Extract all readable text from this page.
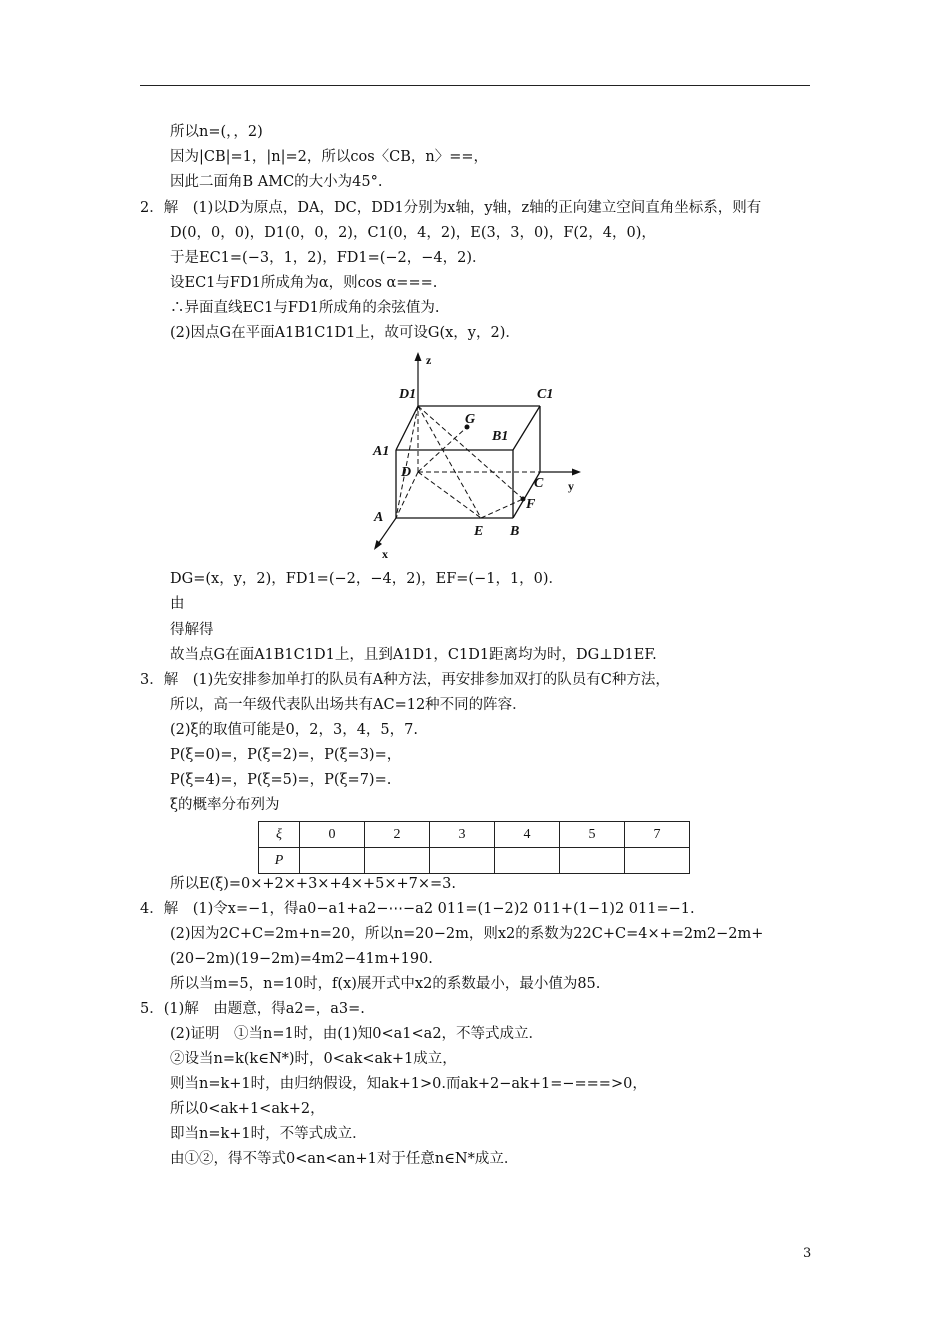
所以n=(，，2)
因为|CB|=1，|n|=2，所以cos〈CB，n〉==，
因此二面角B AMC的大小为45°.
2．解　(1)以D为原点，DA，DC，DD1分别为x轴，y轴，z轴的正向建立空间直角坐标系，则有
D(0，0，0)，D1(0，0，2)，C1(0，4，2)，E(3，3，0)，F(2，4，0)，
于是EC1=(−3，1，2)，FD1=(−2，−4，2)．
设EC1与FD1所成角为α，则cos α===.
∴异面直线EC1与FD1所成角的余弦值为.
(2)因点G在平面A1B1C1D1上，故可设G(x，y，2)．
D1	C1
A1
B1
G
D
C
A
E B
F
z
y
x
DG=(x，y，2)，FD1=(−2，−4，2)，EF=(−1，1，0)．
由
得解得
故当点G在面A1B1C1D1上，且到A1D1，C1D1距离均为时，DG⊥D1EF.
3．解　(1)先安排参加单打的队员有A种方法，再安排参加双打的队员有C种方法，
所以，高一年级代表队出场共有AC=12种不同的阵容．
(2)ξ的取值可能是0，2，3，4，5，7.
P(ξ=0)=，P(ξ=2)=，P(ξ=3)=，
P(ξ=4)=，P(ξ=5)=，P(ξ=7)=.
ξ的概率分布列为
ξ	0	2	3	4	5	7
P						
所以E(ξ)=0×+2×+3×+4×+5×+7×=3.
4．解　(1)令x=−1，得a0−a1+a2−⋯−a2 011=(1−2)2 011+(1−1)2 011=−1.
(2)因为2C+C=2m+n=20，所以n=20−2m，则x2的系数为22C+C=4×+=2m2−2m+
(20−2m)(19−2m)=4m2−41m+190.
所以当m=5，n=10时，f(x)展开式中x2的系数最小，最小值为85.
5．(1)解　由题意，得a2=，a3=.
(2)证明　①当n=1时，由(1)知0<a1<a2，不等式成立．
②设当n=k(k∈N*)时，0<ak<ak+1成立，
则当n=k+1时，由归纳假设，知ak+1>0.而ak+2−ak+1=−===>0，
所以0<ak+1<ak+2，
即当n=k+1时，不等式成立．
由①②，得不等式0<an<an+1对于任意n∈N*成立．
3
